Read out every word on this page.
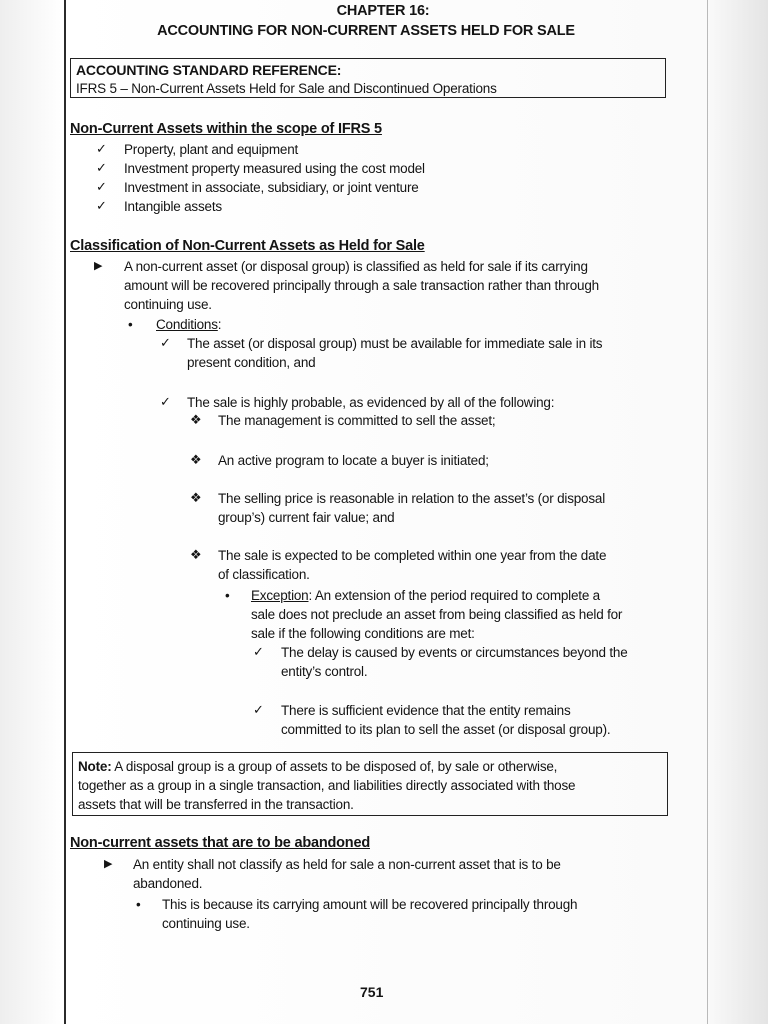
CHAPTER 16:
ACCOUNTING FOR NON-CURRENT ASSETS HELD FOR SALE
ACCOUNTING STANDARD REFERENCE:
IFRS 5 – Non-Current Assets Held for Sale and Discontinued Operations
Non-Current Assets within the scope of IFRS 5
✓ Property, plant and equipment
✓ Investment property measured using the cost model
✓ Investment in associate, subsidiary, or joint venture
✓ Intangible assets
Classification of Non-Current Assets as Held for Sale
▶ A non-current asset (or disposal group) is classified as held for sale if its carrying
amount will be recovered principally through a sale transaction rather than through
continuing use.
• Conditions:
✓ The asset (or disposal group) must be available for immediate sale in its
present condition, and
✓ The sale is highly probable, as evidenced by all of the following:
❖ The management is committed to sell the asset;
❖ An active program to locate a buyer is initiated;
❖ The selling price is reasonable in relation to the asset’s (or disposal
group’s) current fair value; and
❖ The sale is expected to be completed within one year from the date
of classification.
• Exception: An extension of the period required to complete a
sale does not preclude an asset from being classified as held for
sale if the following conditions are met:
✓ The delay is caused by events or circumstances beyond the
entity’s control.
✓ There is sufficient evidence that the entity remains
committed to its plan to sell the asset (or disposal group).
Note: A disposal group is a group of assets to be disposed of, by sale or otherwise,
together as a group in a single transaction, and liabilities directly associated with those
assets that will be transferred in the transaction.
Non-current assets that are to be abandoned
▶ An entity shall not classify as held for sale a non-current asset that is to be
abandoned.
• This is because its carrying amount will be recovered principally through
continuing use.
751
